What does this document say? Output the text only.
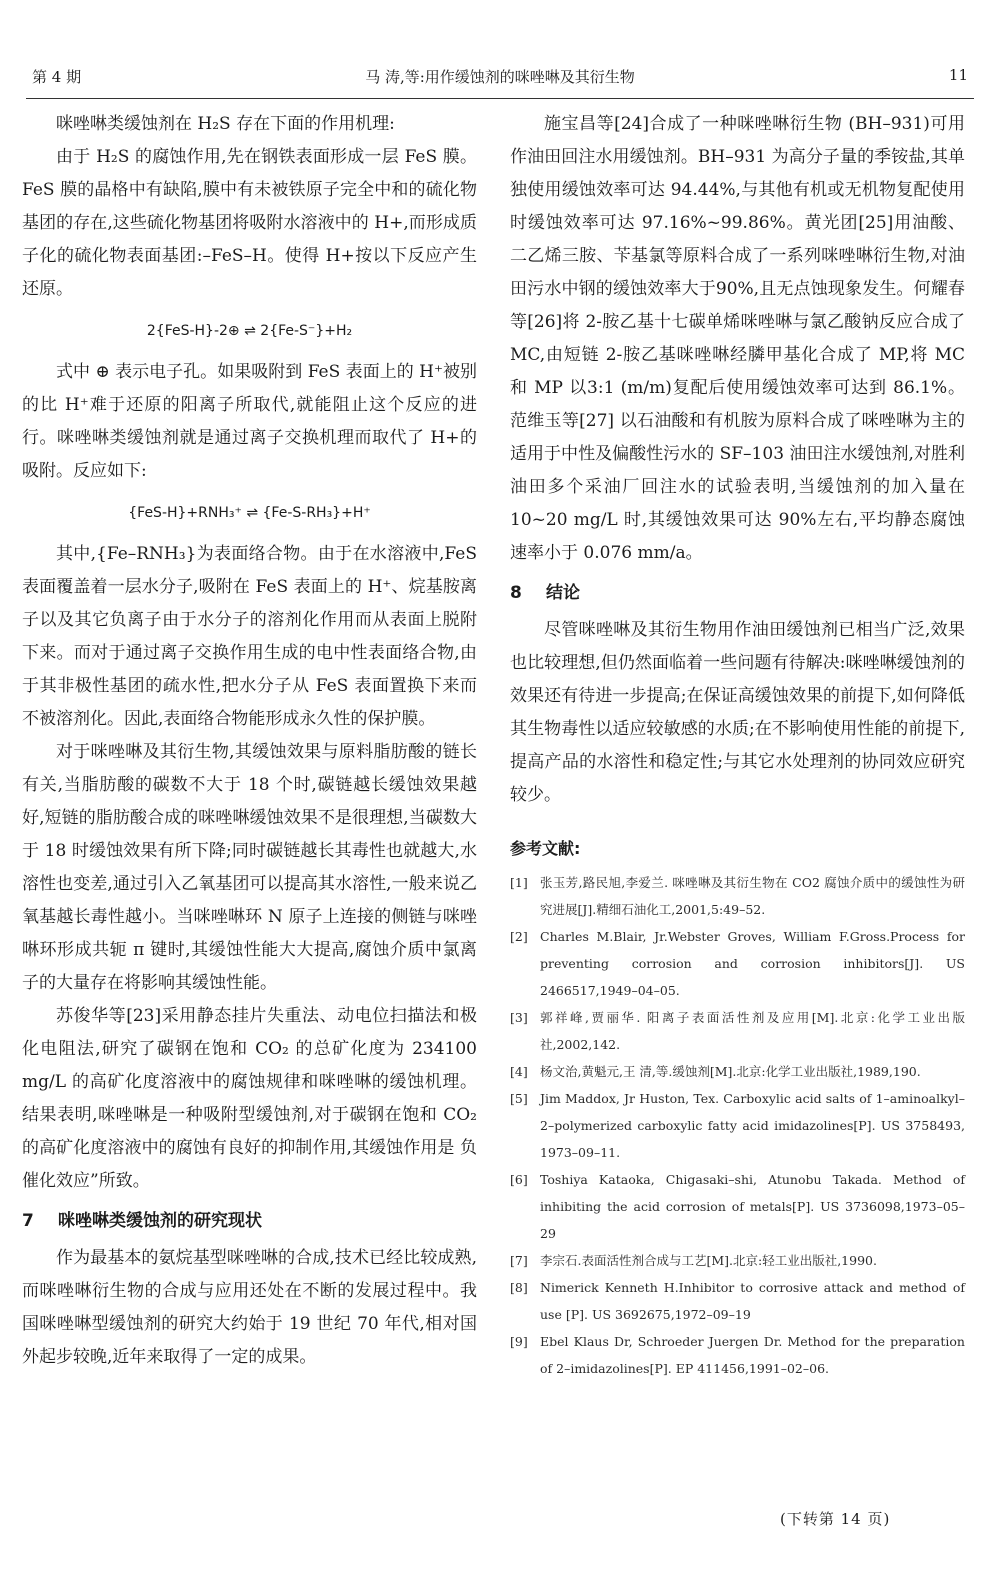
第 4 期	马 涛,等:用作缓蚀剂的咪唑啉及其衍生物	11

咪唑啉类缓蚀剂在 H₂S 存在下面的作用机理:

由于 H₂S 的腐蚀作用,先在钢铁表面形成一层 FeS 膜。FeS 膜的晶格中有缺陷,膜中有未被铁原子完全中和的硫化物基团的存在,这些硫化物基团将吸附水溶液中的 H+,而形成质子化的硫化物表面基团:–FeS–H。使得 H+按以下反应产生还原。

2{FeS-H}-2⊕ ⇌ 2{Fe-S⁻}+H₂

式中 ⊕ 表示电子孔。如果吸附到 FeS 表面上的 H⁺被别的比 H⁺难于还原的阳离子所取代,就能阻止这个反应的进行。咪唑啉类缓蚀剂就是通过离子交换机理而取代了 H+的吸附。反应如下:

{FeS-H}+RNH₃⁺ ⇌ {Fe-S-RH₃}+H⁺

其中,{Fe–RNH₃}为表面络合物。由于在水溶液中,FeS 表面覆盖着一层水分子,吸附在 FeS 表面上的 H⁺、烷基胺离子以及其它负离子由于水分子的溶剂化作用而从表面上脱附下来。而对于通过离子交换作用生成的电中性表面络合物,由于其非极性基团的疏水性,把水分子从 FeS 表面置换下来而不被溶剂化。因此,表面络合物能形成永久性的保护膜。

对于咪唑啉及其衍生物,其缓蚀效果与原料脂肪酸的链长有关,当脂肪酸的碳数不大于 18 个时,碳链越长缓蚀效果越好,短链的脂肪酸合成的咪唑啉缓蚀效果不是很理想,当碳数大于 18 时缓蚀效果有所下降;同时碳链越长其毒性也就越大,水溶性也变差,通过引入乙氧基团可以提高其水溶性,一般来说乙氧基越长毒性越小。当咪唑啉环 N 原子上连接的侧链与咪唑啉环形成共轭 π 键时,其缓蚀性能大大提高,腐蚀介质中氯离子的大量存在将影响其缓蚀性能。

苏俊华等[23]采用静态挂片失重法、动电位扫描法和极化电阻法,研究了碳钢在饱和 CO₂ 的总矿化度为 234100 mg/L 的高矿化度溶液中的腐蚀规律和咪唑啉的缓蚀机理。结果表明,咪唑啉是一种吸附型缓蚀剂,对于碳钢在饱和 CO₂ 的高矿化度溶液中的腐蚀有良好的抑制作用,其缓蚀作用是 负催化效应”所致。

7 咪唑啉类缓蚀剂的研究现状

作为最基本的氨烷基型咪唑啉的合成,技术已经比较成熟,而咪唑啉衍生物的合成与应用还处在不断的发展过程中。我国咪唑啉型缓蚀剂的研究大约始于 19 世纪 70 年代,相对国外起步较晚,近年来取得了一定的成果。

施宝昌等[24]合成了一种咪唑啉衍生物 (BH–931)可用作油田回注水用缓蚀剂。BH–931 为高分子量的季铵盐,其单独使用缓蚀效率可达 94.44%,与其他有机或无机物复配使用时缓蚀效率可达 97.16%~99.86%。黄光团[25]用油酸、二乙烯三胺、苄基氯等原料合成了一系列咪唑啉衍生物,对油田污水中钢的缓蚀效率大于90%,且无点蚀现象发生。何耀春等[26]将 2-胺乙基十七碳单烯咪唑啉与氯乙酸钠反应合成了 MC,由短链 2-胺乙基咪唑啉经膦甲基化合成了 MP,将 MC 和 MP 以3:1 (m/m)复配后使用缓蚀效率可达到 86.1%。范维玉等[27] 以石油酸和有机胺为原料合成了咪唑啉为主的适用于中性及偏酸性污水的 SF–103 油田注水缓蚀剂,对胜利油田多个采油厂回注水的试验表明,当缓蚀剂的加入量在 10~20 mg/L 时,其缓蚀效果可达 90%左右,平均静态腐蚀速率小于 0.076 mm/a。

8 结论

尽管咪唑啉及其衍生物用作油田缓蚀剂已相当广泛,效果也比较理想,但仍然面临着一些问题有待解决:咪唑啉缓蚀剂的效果还有待进一步提高;在保证高缓蚀效果的前提下,如何降低其生物毒性以适应较敏感的水质;在不影响使用性能的前提下,提高产品的水溶性和稳定性;与其它水处理剂的协同效应研究较少。

参考文献:
[1] 张玉芳,路民旭,李爱兰. 咪唑啉及其衍生物在 CO2 腐蚀介质中的缓蚀性为研究进展[J].精细石油化工,2001,5:49–52.
[2] Charles M.Blair, Jr.Webster Groves, William F.Gross.Process for preventing corrosion and corrosion inhibitors[J]. US 2466517,1949–04–05.
[3] 郭祥峰,贾丽华. 阳离子表面活性剂及应用[M].北京:化学工业出版社,2002,142.
[4] 杨文治,黄魁元,王 清,等.缓蚀剂[M].北京:化学工业出版社,1989,190.
[5] Jim Maddox, Jr Huston, Tex. Carboxylic acid salts of 1–aminoalkyl–2–polymerized carboxylic fatty acid imidazolines[P]. US 3758493, 1973–09–11.
[6] Toshiya Kataoka, Chigasaki–shi, Atunobu Takada. Method of inhibiting the acid corrosion of metals[P]. US 3736098,1973–05–29
[7] 李宗石.表面活性剂合成与工艺[M].北京:轻工业出版社,1990.
[8] Nimerick Kenneth H.Inhibitor to corrosive attack and method of use [P]. US 3692675,1972–09–19
[9] Ebel Klaus Dr, Schroeder Juergen Dr. Method for the preparation of 2–imidazolines[P]. EP 411456,1991–02–06.
(下转第 14 页)
